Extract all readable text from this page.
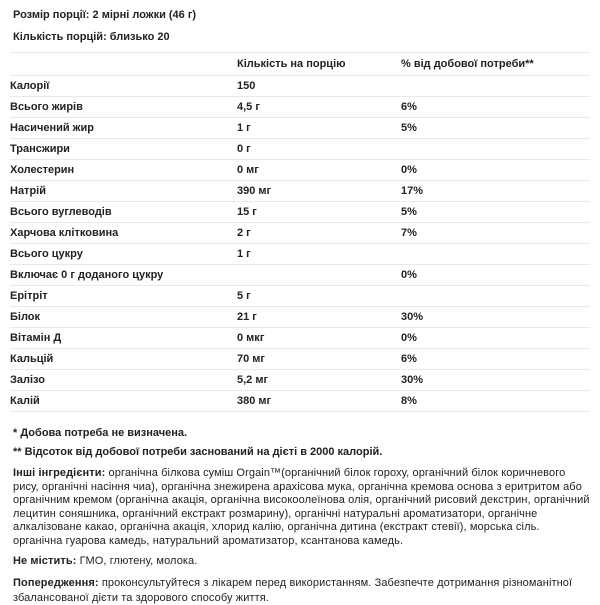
Розмір порції: 2 мірні ложки (46 г)

Кількість порцій: близько 20

	Кількість на порцію	% від добової потреби**
Калорії	150	
Всього жирів	4,5 г	6%
Насичений жир	1 г	5%
Трансжири	0 г	
Холестерин	0 мг	0%
Натрій	390 мг	17%
Всього вуглеводів	15 г	5%
Харчова клітковина	2 г	7%
Всього цукру	1 г	
Включає 0 г доданого цукру		0%
Ерітріт	5 г	
Білок	21 г	30%
Вітамін Д	0 мкг	0%
Кальцій	70 мг	6%
Залізо	5,2 мг	30%
Калій	380 мг	8%

* Добова потреба не визначена.

** Відсоток від добової потреби заснований на дієті в 2000 калорій.

Інші інгредієнти: органічна білкова суміш Orgain™(органічний білок гороху, органічний білок коричневого рису, органічні насіння чиа), органічна знежирена арахісова мука, органічна кремова основа з еритритом або органічним кремом (органічна акація, органічна високоолеїнова олія, органічний рисовий декстрин, органічний лецитин соняшника, органічний екстракт розмарину), органічні натуральні ароматизатори, органічне алкалізоване какао, органічна акація, хлорид калію, органічна дитина (екстракт стевії), морська сіль. органічна гуарова камедь, натуральний ароматизатор, ксантанова камедь.

Не містить: ГМО, глютену, молока.

Попередження: проконсультуйтеся з лікарем перед використанням. Забезпечте дотримання різноманітної збалансованої дієти та здорового способу життя.
